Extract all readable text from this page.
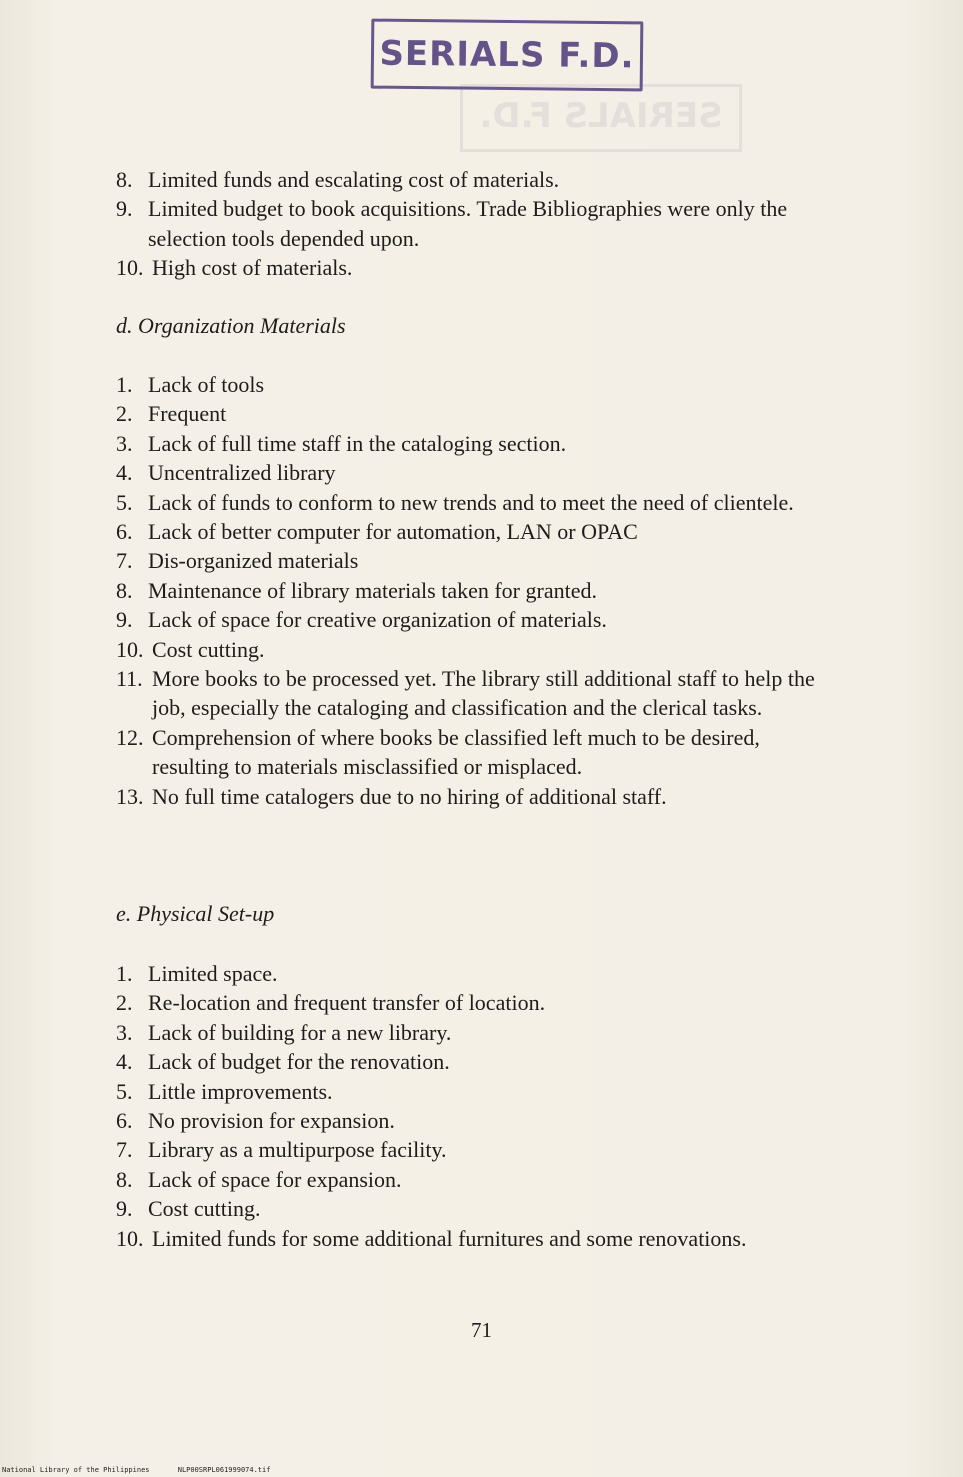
SERIALS F.D.
SERIALS F.D.
8. Limited funds and escalating cost of materials.
9. Limited budget to book acquisitions. Trade Bibliographies were only the selection tools depended upon.
10. High cost of materials.
d. Organization Materials
1. Lack of tools
2. Frequent
3. Lack of full time staff in the cataloging section.
4. Uncentralized library
5. Lack of funds to conform to new trends and to meet the need of clientele.
6. Lack of better computer for automation, LAN or OPAC
7. Dis-organized materials
8. Maintenance of library materials taken for granted.
9. Lack of space for creative organization of materials.
10. Cost cutting.
11. More books to be processed yet. The library still additional staff to help the job, especially the cataloging and classification and the clerical tasks.
12. Comprehension of where books be classified left much to be desired, resulting to materials misclassified or misplaced.
13. No full time catalogers due to no hiring of additional staff.
e. Physical Set-up
1. Limited space.
2. Re-location and frequent transfer of location.
3. Lack of building for a new library.
4. Lack of budget for the renovation.
5. Little improvements.
6. No provision for expansion.
7. Library as a multipurpose facility.
8. Lack of space for expansion.
9. Cost cutting.
10. Limited funds for some additional furnitures and some renovations.
71
National Library of the Philippines	NLP00SRPL061999074.tif
